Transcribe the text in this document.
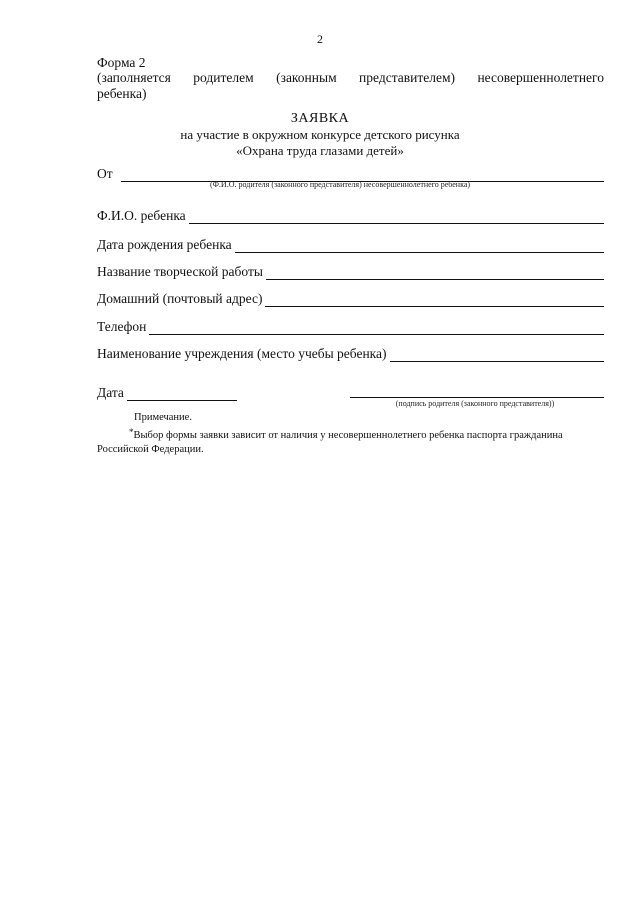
2
Форма 2
(заполняется родителем (законным представителем) несовершеннолетнего
ребенка)
ЗАЯВКА
на участие в окружном конкурсе детского рисунка
«Охрана труда глазами детей»
От
(Ф.И.О. родителя (законного представителя) несовершеннолетнего ребенка)
Ф.И.О. ребенка
Дата рождения ребенка
Название творческой работы
Домашний (почтовый адрес)
Телефон
Наименование учреждения (место учебы ребенка)
Дата
(подпись родителя (законного представителя))
Примечание.
*Выбор формы заявки зависит от наличия у несовершеннолетнего ребенка паспорта гражданина Российской Федерации.
